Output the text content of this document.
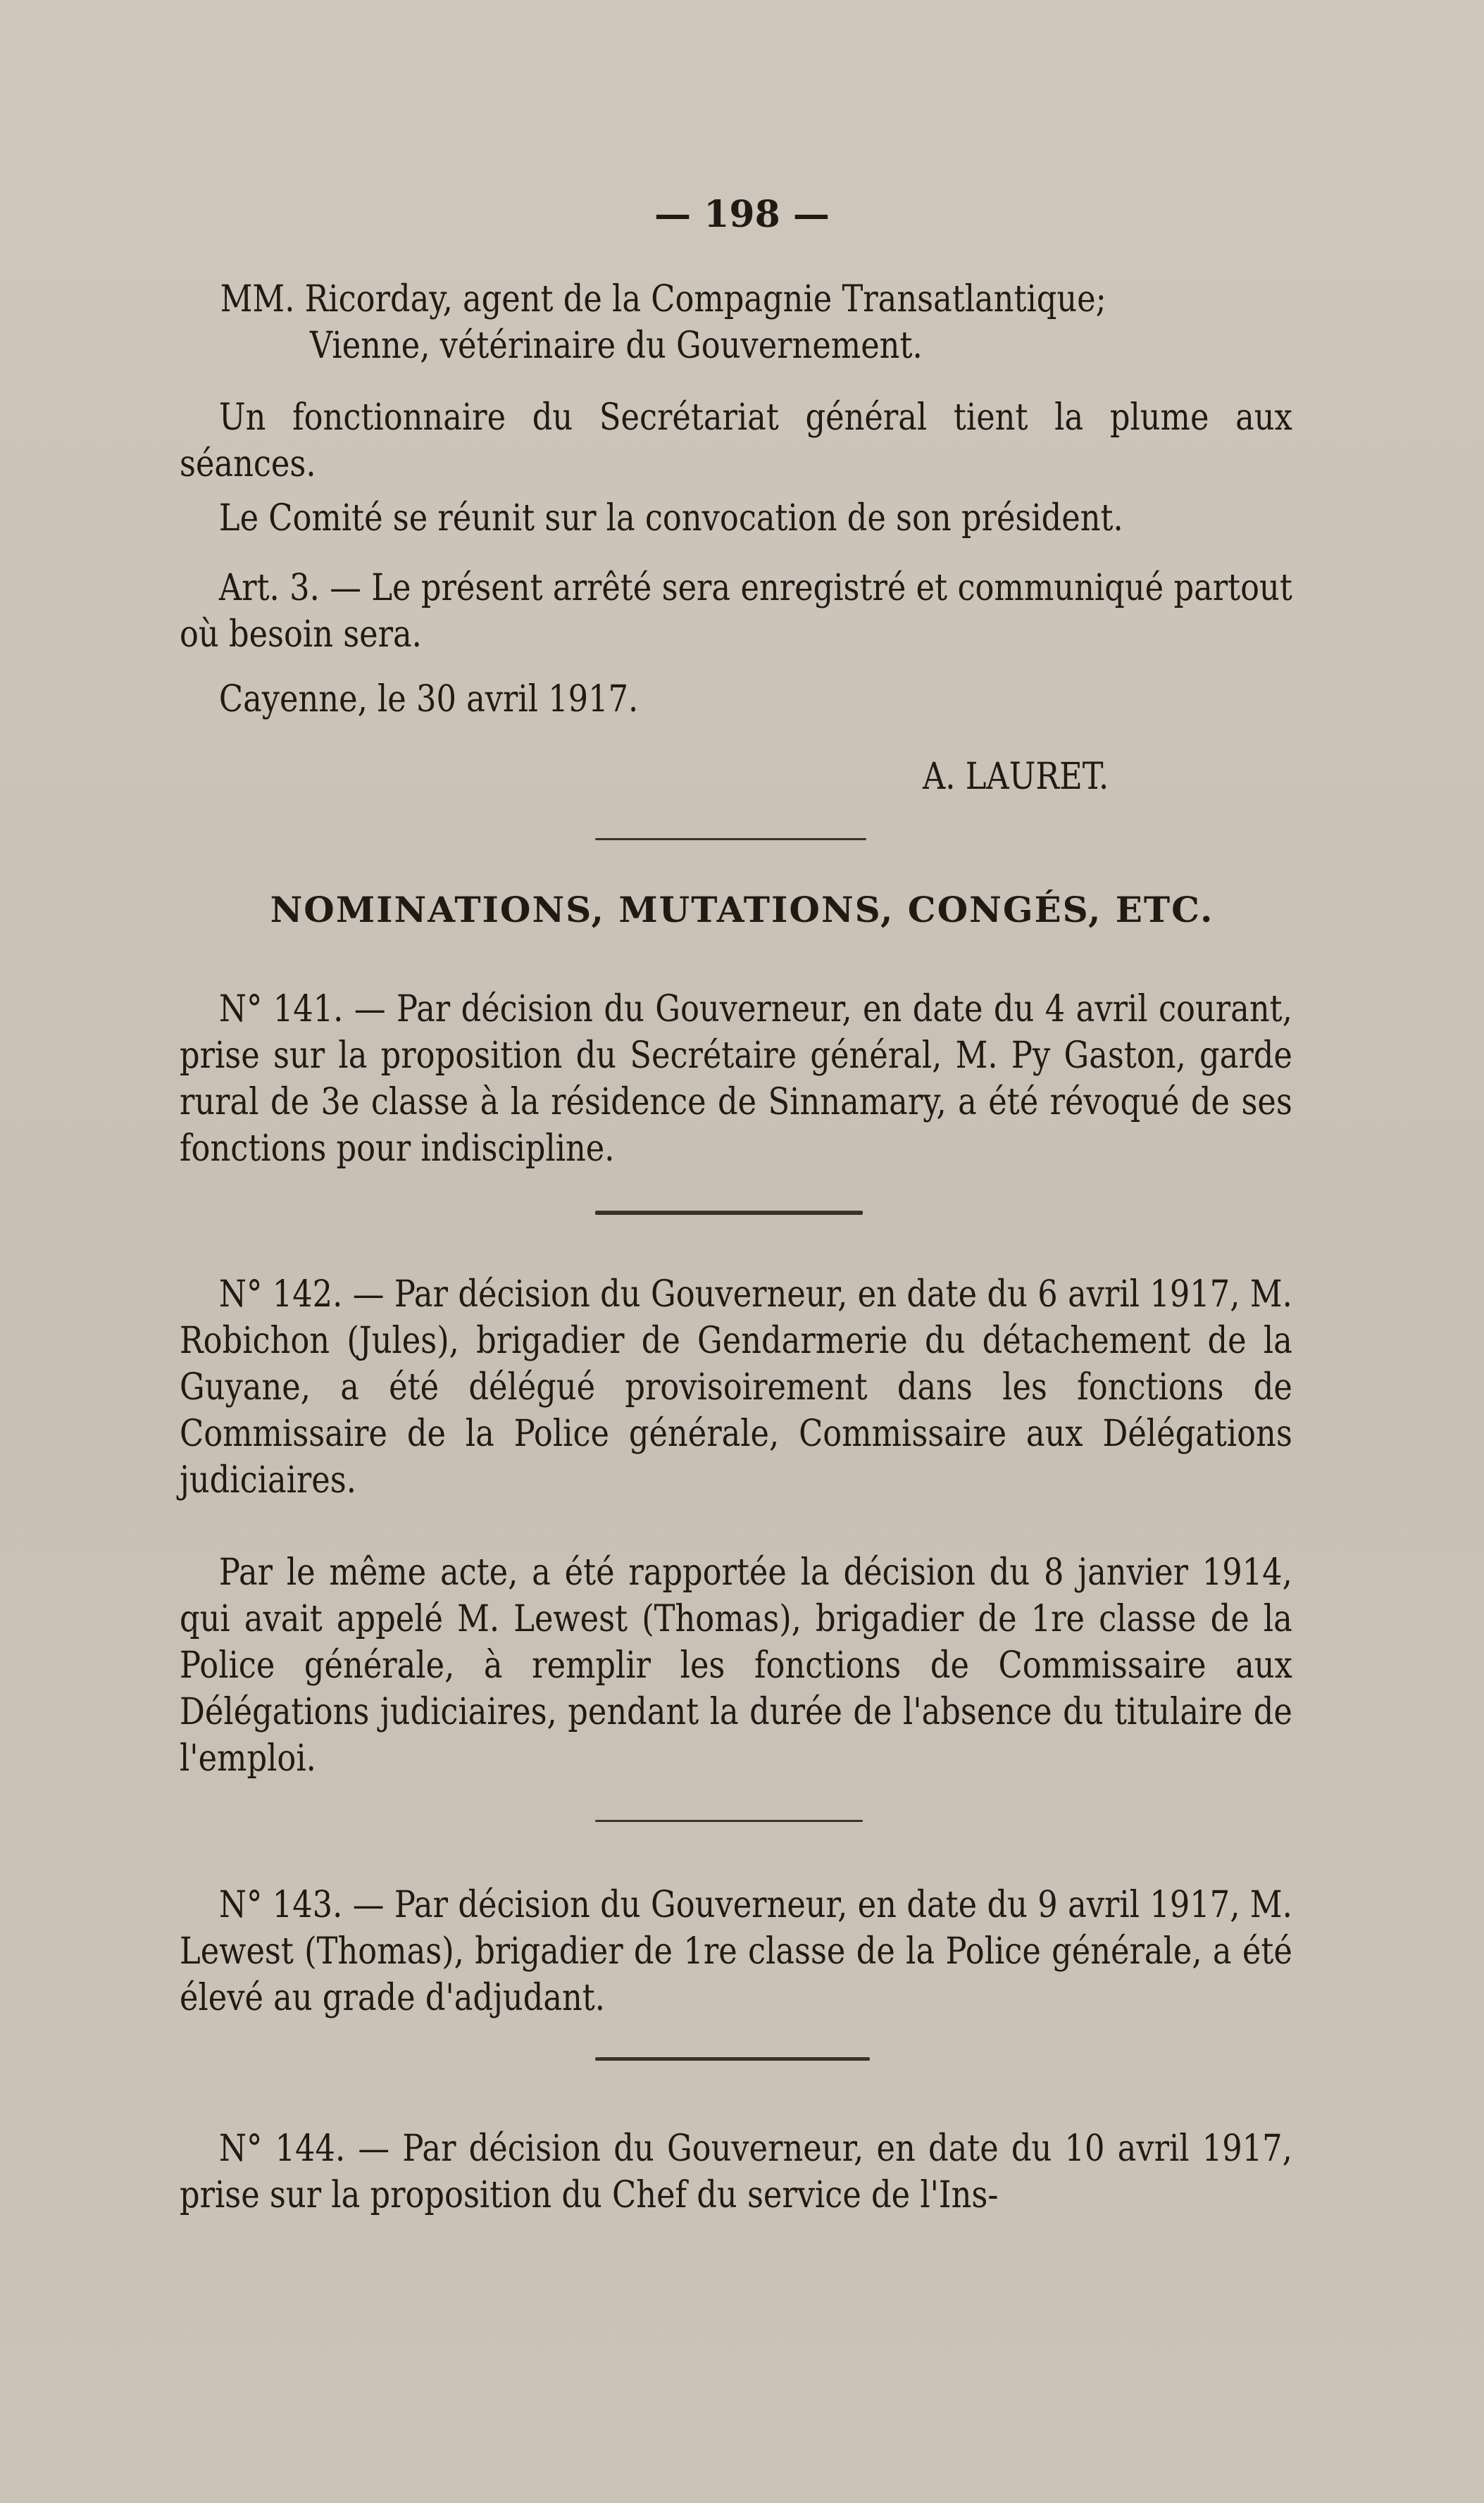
— 198 —
MM. Ricorday, agent de la Compagnie Transatlantique;
Vienne, vétérinaire du Gouvernement.
Un fonctionnaire du Secrétariat général tient la plume aux séances.
Le Comité se réunit sur la convocation de son président.
Art. 3. — Le présent arrêté sera enregistré et communiqué partout où besoin sera.
Cayenne, le 30 avril 1917.
A. LAURET.
NOMINATIONS, MUTATIONS, CONGÉS, ETC.
N° 141. — Par décision du Gouverneur, en date du 4 avril courant, prise sur la proposition du Secrétaire général, M. Py Gaston, garde rural de 3e classe à la résidence de Sinnamary, a été révoqué de ses fonctions pour indiscipline.
N° 142. — Par décision du Gouverneur, en date du 6 avril 1917, M. Robichon (Jules), brigadier de Gendarmerie du détachement de la Guyane, a été délégué provisoirement dans les fonctions de Commissaire de la Police générale, Commissaire aux Délégations judiciaires.
Par le même acte, a été rapportée la décision du 8 janvier 1914, qui avait appelé M. Lewest (Thomas), brigadier de 1re classe de la Police générale, à remplir les fonctions de Commissaire aux Délégations judiciaires, pendant la durée de l'absence du titulaire de l'emploi.
N° 143. — Par décision du Gouverneur, en date du 9 avril 1917, M. Lewest (Thomas), brigadier de 1re classe de la Police générale, a été élevé au grade d'adjudant.
N° 144. — Par décision du Gouverneur, en date du 10 avril 1917, prise sur la proposition du Chef du service de l'Ins-
